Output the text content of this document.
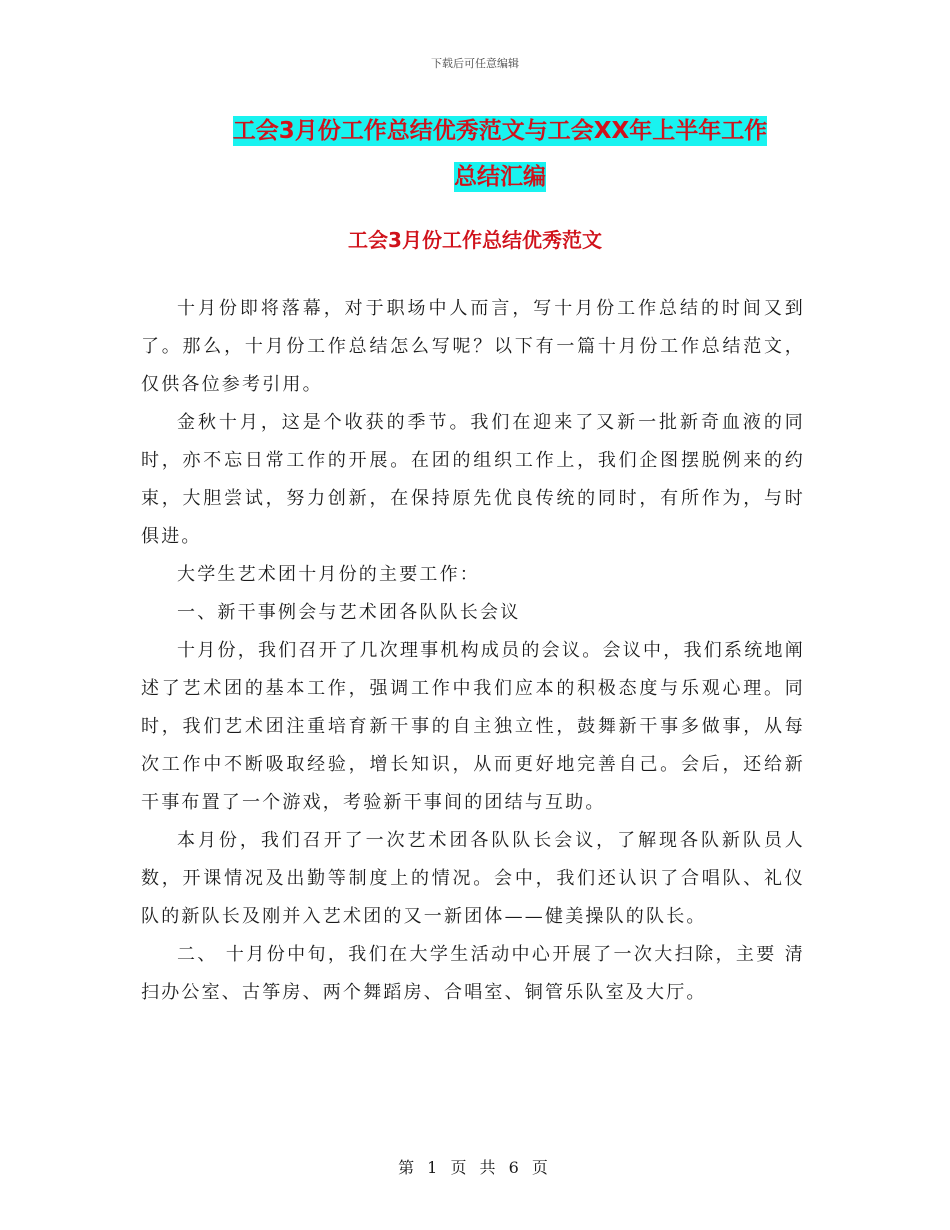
下载后可任意编辑
工会3月份工作总结优秀范文与工会XX年上半年工作
总结汇编
工会3月份工作总结优秀范文

十月份即将落幕，对于职场中人而言，写十月份工作总结的时间又到了。那么，十月份工作总结怎么写呢？以下有一篇十月份工作总结范文，仅供各位参考引用。

金秋十月，这是个收获的季节。我们在迎来了又新一批新奇血液的同时，亦不忘日常工作的开展。在团的组织工作上，我们企图摆脱例来的约束，大胆尝试，努力创新，在保持原先优良传统的同时，有所作为，与时俱进。

大学生艺术团十月份的主要工作：

一、新干事例会与艺术团各队队长会议

十月份，我们召开了几次理事机构成员的会议。会议中，我们系统地阐述了艺术团的基本工作，强调工作中我们应本的积极态度与乐观心理。同时，我们艺术团注重培育新干事的自主独立性，鼓舞新干事多做事，从每次工作中不断吸取经验，增长知识，从而更好地完善自己。会后，还给新干事布置了一个游戏，考验新干事间的团结与互助。

本月份，我们召开了一次艺术团各队队长会议，了解现各队新队员人数，开课情况及出勤等制度上的情况。会中，我们还认识了合唱队、礼仪队的新队长及刚并入艺术团的又一新团体——健美操队的队长。

二、 十月份中旬，我们在大学生活动中心开展了一次大扫除，主要 清扫办公室、古筝房、两个舞蹈房、合唱室、铜管乐队室及大厅。

第 1 页 共 6 页
